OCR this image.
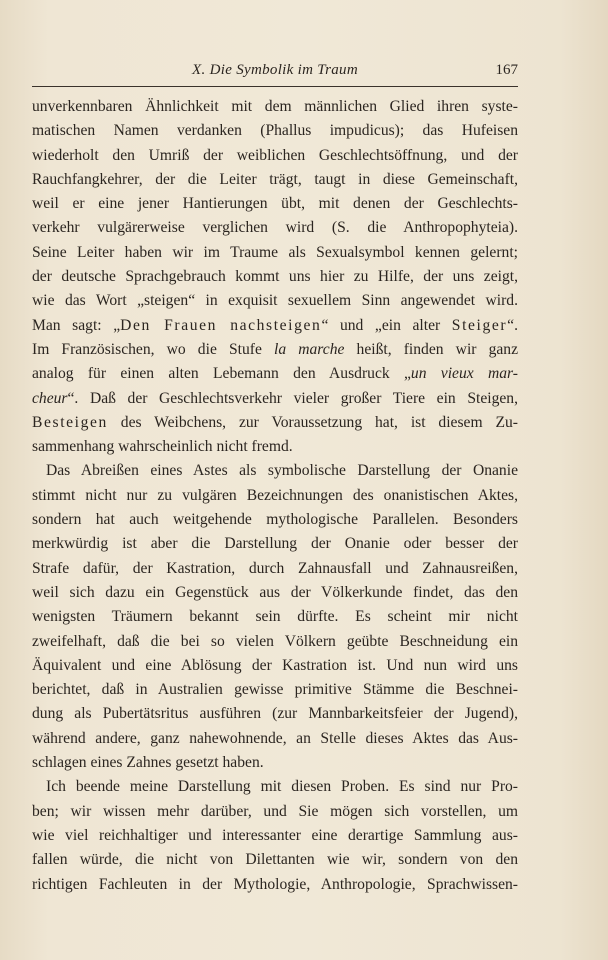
X. Die Symbolik im Traum	167
unverkennbaren Ähnlichkeit mit dem männlichen Glied ihren syste-
matischen Namen verdanken (Phallus impudicus); das Hufeisen
wiederholt den Umriß der weiblichen Geschlechtsöffnung, und der
Rauchfangkehrer, der die Leiter trägt, taugt in diese Gemeinschaft,
weil er eine jener Hantierungen übt, mit denen der Geschlechts-
verkehr vulgärerweise verglichen wird (S. die Anthropophyteia).
Seine Leiter haben wir im Traume als Sexualsymbol kennen gelernt;
der deutsche Sprachgebrauch kommt uns hier zu Hilfe, der uns zeigt,
wie das Wort „steigen“ in exquisit sexuellem Sinn angewendet wird.
Man sagt: „Den Frauen nachsteigen“ und „ein alter Steiger“.
Im Französischen, wo die Stufe la marche heißt, finden wir ganz
analog für einen alten Lebemann den Ausdruck „un vieux mar-
cheur“. Daß der Geschlechtsverkehr vieler großer Tiere ein Steigen,
Besteigen des Weibchens, zur Voraussetzung hat, ist diesem Zu-
sammenhang wahrscheinlich nicht fremd.
Das Abreißen eines Astes als symbolische Darstellung der Onanie
stimmt nicht nur zu vulgären Bezeichnungen des onanistischen Aktes,
sondern hat auch weitgehende mythologische Parallelen. Besonders
merkwürdig ist aber die Darstellung der Onanie oder besser der
Strafe dafür, der Kastration, durch Zahnausfall und Zahnausreißen,
weil sich dazu ein Gegenstück aus der Völkerkunde findet, das den
wenigsten Träumern bekannt sein dürfte. Es scheint mir nicht
zweifelhaft, daß die bei so vielen Völkern geübte Beschneidung ein
Äquivalent und eine Ablösung der Kastration ist. Und nun wird uns
berichtet, daß in Australien gewisse primitive Stämme die Beschnei-
dung als Pubertätsritus ausführen (zur Mannbarkeitsfeier der Jugend),
während andere, ganz nahewohnende, an Stelle dieses Aktes das Aus-
schlagen eines Zahnes gesetzt haben.
Ich beende meine Darstellung mit diesen Proben. Es sind nur Pro-
ben; wir wissen mehr darüber, und Sie mögen sich vorstellen, um
wie viel reichhaltiger und interessanter eine derartige Sammlung aus-
fallen würde, die nicht von Dilettanten wie wir, sondern von den
richtigen Fachleuten in der Mythologie, Anthropologie, Sprachwissen-
